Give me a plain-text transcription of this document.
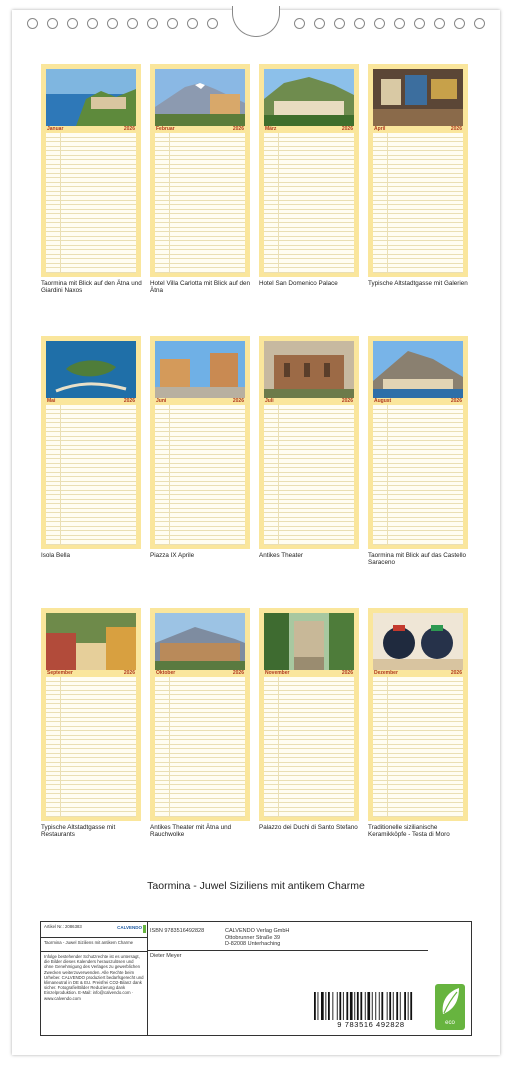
Januar	2026
Taormina mit Blick auf den Ätna und Giardini Naxos
Februar	2026
Hotel Villa Carlotta mit Blick auf den Ätna
März	2026
Hotel San Domenico Palace
April	2026
Typische Altstadtgasse mit Galerien
Mai	2026
Isola Bella
Juni	2026
Piazza IX Aprile
Juli	2026
Antikes Theater
August	2026
Taormina mit Blick auf das Castello Saraceno
September	2026
Typische Altstadtgasse mit Restaurants
Oktober	2026
Antikes Theater mit Ätna und Rauchwolke
November	2026
Palazzo dei Duchi di Santo Stefano
Dezember	2026
Traditionelle sizilianische Keramikköpfe - Testa di Moro
Taormina - Juwel Siziliens mit antikem Charme
Artikel Nr.: 2086383	CALVENDO
Taormina - Juwel Siziliens mit antikem Charme
Infolge bestehender Schutzrechte ist es untersagt, die Bilder dieses Kalenders herauszulösen und ohne Genehmigung des Verlages zu gewerblichen Zwecken weiterzuverwenden. Alle Rechte beim Urheber. CALVENDO produziert bedarfsgerecht und klimaneutral in DE & EU. Preisfrei CO2-Bilanz dank sicher. Fotografie/Bilder Reduzierung dank Einzelproduktion. E-Mail: info@calvendo.com · www.calvendo.com
ISBN 9783516492828	CALVENDO Verlag GmbH
Ottobrunner Straße 39
D-82008 Unterhaching
Dieter Meyer
9 783516 492828	eco
